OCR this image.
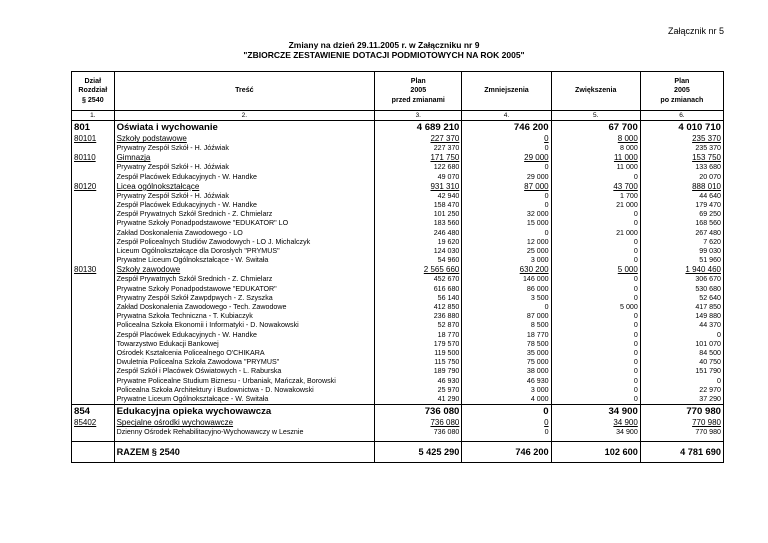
Załącznik nr 5
Zmiany na dzień 29.11.2005 r. w Załączniku nr 9
"ZBIORCZE ZESTAWIENIE DOTACJI PODMIOTOWYCH NA ROK 2005"
Dział
Rozdział
§ 2540	Treść	Plan
2005
przed zmianami	Zmniejszenia	Zwiększenia	Plan
2005
po zmianach
1.	2.	3.	4.	5.	6.
801	Oświata i wychowanie	4 689 210	746 200	67 700	4 010 710
80101	Szkoły podstawowe	227 370	0	8 000	235 370
	Prywatny Zespół Szkół - H. Jóźwiak	227 370	0	8 000	235 370
80110	Gimnazja	171 750	29 000	11 000	153 750
	Prywatny Zespół Szkół - H. Jóźwiak	122 680	0	11 000	133 680
	Zespół Placówek Edukacyjnych - W. Handke	49 070	29 000	0	20 070
80120	Licea ogólnokształcące	931 310	87 000	43 700	888 010
	Prywatny Zespół Szkół - H. Jóźwiak	42 940	0	1 700	44 640
	Zespół Placówek Edukacyjnych - W. Handke	158 470	0	21 000	179 470
	Zespół Prywatnych Szkół Średnich - Z. Chmielarz	101 250	32 000	0	69 250
	Prywatne Szkoły Ponadpodstawowe "EDUKATOR" LO	183 560	15 000	0	168 560
	Zakład Doskonalenia Zawodowego - LO	246 480	0	21 000	267 480
	Zespół Policealnych Studiów Zawodowych - LO J. Michalczyk	19 620	12 000	0	7 620
	Liceum Ogólnokształcące dla Dorosłych "PRYMUS"	124 030	25 000	0	99 030
	Prywatne Liceum Ogólnokształcące - W. Świtała	54 960	3 000	0	51 960
80130	Szkoły zawodowe	2 565 660	630 200	5 000	1 940 460
	Zespół Prywatnych Szkół Średnich - Z. Chmielarz	452 670	146 000	0	306 670
	Prywatne Szkoły Ponadpodstawowe "EDUKATOR"	616 680	86 000	0	530 680
	Prywatny Zespół Szkół Zawpdpwych - Z. Szyszka	56 140	3 500	0	52 640
	Zakład Doskonalenia Zawodowego - Tech. Zawodowe	412 850	0	5 000	417 850
	Prywatna Szkoła Techniczna - T. Kubiaczyk	236 880	87 000	0	149 880
	Policealna Szkoła Ekonomii i Informatyki - D. Nowakowski	52 870	8 500	0	44 370
	Zespół Placówek Edukacyjnych - W. Handke	18 770	18 770	0	0
	Towarzystwo Edukacji Bankowej	179 570	78 500	0	101 070
	Ośrodek Kształcenia Policealnego O'CHIKARA	119 500	35 000	0	84 500
	Dwuletnia Policealna Szkoła Zawodowa "PRYMUS"	115 750	75 000	0	40 750
	Zespół Szkół i Placówek Oświatowych - L. Raburska	189 790	38 000	0	151 790
	Prywatne Policealne Studium Biznesu - Urbaniak, Mańczak, Borowski	46 930	46 930	0	0
	Policealna Szkoła Architektury i Budownictwa - D. Nowakowski	25 970	3 000	0	22 970
	Prywatne Liceum Ogólnokształcące - W. Świtała	41 290	4 000	0	37 290
854	Edukacyjna opieka wychowawcza	736 080	0	34 900	770 980
85402	Specjalne ośrodki wychowawcze	736 080	0	34 900	770 980
	Dzienny Ośrodek Rehabilitacyjno-Wychowawczy w Lesznie	736 080	0	34 900	770 980

	RAZEM § 2540	5 425 290	746 200	102 600	4 781 690
